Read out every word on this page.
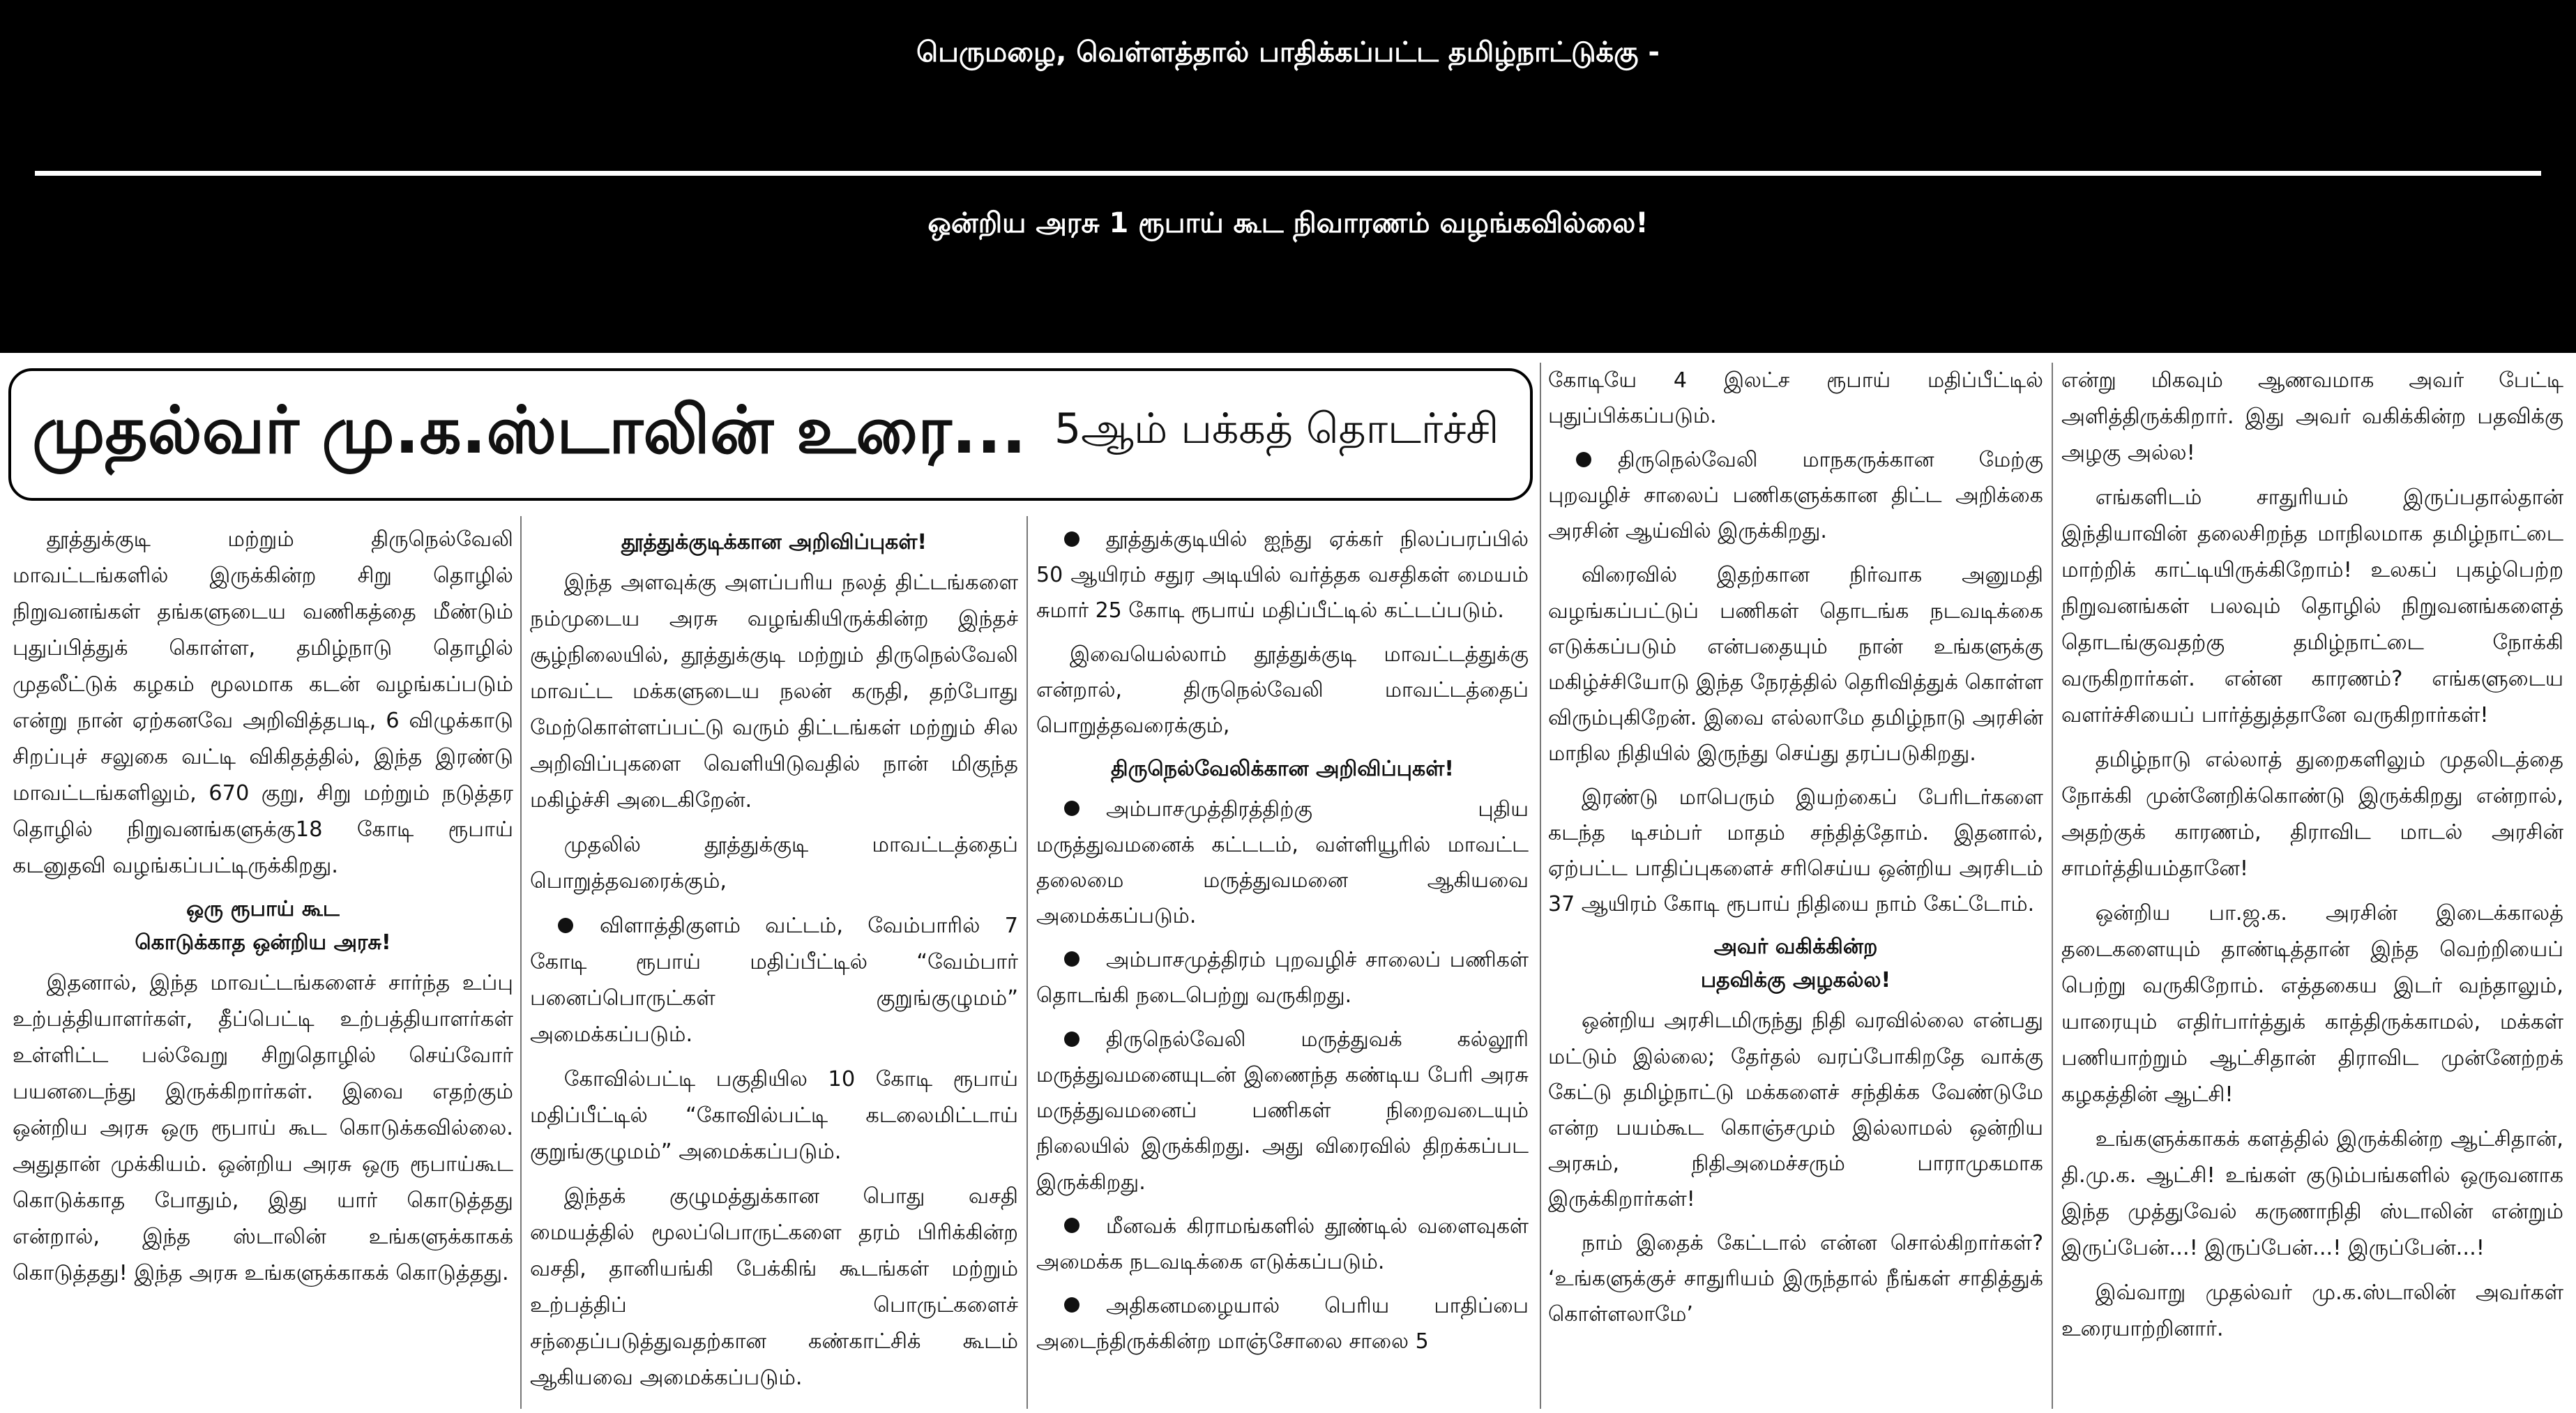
பெருமழை, வெள்ளத்தால் பாதிக்கப்பட்ட தமிழ்நாட்டுக்கு -
ஒன்றிய அரசு 1 ரூபாய் கூட நிவாரணம் வழங்கவில்லை!
முதல்வர் மு.க.ஸ்டாலின் உரை... 5ஆம் பக்கத் தொடர்ச்சி

தூத்துக்குடி மற்றும் திருநெல்வேலி மாவட்டங்களில் இருக்கின்ற சிறு தொழில் நிறுவனங்கள் தங்களுடைய வணிகத்தை மீண்டும் புதுப்பித்துக் கொள்ள, தமிழ்நாடு தொழில் முதலீட்டுக் கழகம் மூலமாக கடன் வழங்கப்படும் என்று நான் ஏற்கனவே அறிவித்தபடி, 6 விழுக்காடு சிறப்புச் சலுகை வட்டி விகிதத்தில், இந்த இரண்டு மாவட்டங்களிலும், 670 குறு, சிறு மற்றும் நடுத்தர தொழில் நிறுவனங்களுக்கு18 கோடி ரூபாய் கடனுதவி வழங்கப்பட்டிருக்கிறது.

ஒரு ரூபாய் கூட
கொடுக்காத ஒன்றிய அரசு!

இதனால், இந்த மாவட்டங்களைச் சார்ந்த உப்பு உற்பத்தியாளர்கள், தீப்பெட்டி உற்பத்தியாளர்கள் உள்ளிட்ட பல்வேறு சிறுதொழில் செய்வோர் பயனடைந்து இருக்கிறார்கள். இவை எதற்கும் ஒன்றிய அரசு ஒரு ரூபாய் கூட கொடுக்கவில்லை. அதுதான் முக்கியம். ஒன்றிய அரசு ஒரு ரூபாய்கூட கொடுக்காத போதும், இது யார் கொடுத்தது என்றால், இந்த ஸ்டாலின் உங்களுக்காகக் கொடுத்தது! இந்த அரசு உங்களுக்காகக் கொடுத்தது.

தூத்துக்குடிக்கான அறிவிப்புகள்!

இந்த அளவுக்கு அளப்பரிய நலத் திட்டங்களை நம்முடைய அரசு வழங்கியிருக்கின்ற இந்தச் சூழ்நிலையில், தூத்துக்குடி மற்றும் திருநெல்வேலி மாவட்ட மக்களுடைய நலன் கருதி, தற்போது மேற்கொள்ளப்பட்டு வரும் திட்டங்கள் மற்றும் சில அறிவிப்புகளை வெளியிடுவதில் நான் மிகுந்த மகிழ்ச்சி அடைகிறேன்.

முதலில் தூத்துக்குடி மாவட்டத்தைப் பொறுத்தவரைக்கும்,

விளாத்திகுளம் வட்டம், வேம்பாரில் 7 கோடி ரூபாய் மதிப்பீட்டில் “வேம்பார் பனைப்பொருட்கள் குறுங்குழுமம்” அமைக்கப்படும்.

கோவில்பட்டி பகுதியில 10 கோடி ரூபாய் மதிப்பீட்டில் “கோவில்பட்டி கடலைமிட்டாய் குறுங்குழுமம்” அமைக்கப்படும்.

இந்தக் குழுமத்துக்கான பொது வசதி மையத்தில் மூலப்பொருட்களை தரம் பிரிக்கின்ற வசதி, தானியங்கி பேக்கிங் கூடங்கள் மற்றும் உற்பத்திப் பொருட்களைச் சந்தைப்படுத்துவதற்கான கண்காட்சிக் கூடம் ஆகியவை அமைக்கப்படும்.

தூத்துக்குடியில் ஐந்து ஏக்கர் நிலப்பரப்பில் 50 ஆயிரம் சதுர அடியில் வர்த்தக வசதிகள் மையம் சுமார் 25 கோடி ரூபாய் மதிப்பீட்டில் கட்டப்படும்.

இவையெல்லாம் தூத்துக்குடி மாவட்டத்துக்கு என்றால், திருநெல்வேலி மாவட்டத்தைப் பொறுத்தவரைக்கும்,

திருநெல்வேலிக்கான அறிவிப்புகள்!

அம்பாசமுத்திரத்திற்கு புதிய மருத்துவமனைக் கட்டடம், வள்ளியூரில் மாவட்ட தலைமை மருத்துவமனை ஆகியவை அமைக்கப்படும்.

அம்பாசமுத்திரம் புறவழிச் சாலைப் பணிகள் தொடங்கி நடைபெற்று வருகிறது.

திருநெல்வேலி மருத்துவக் கல்லூரி மருத்துவமனையுடன் இணைந்த கண்டிய பேரி அரசு மருத்துவமனைப் பணிகள் நிறைவடையும் நிலையில் இருக்கிறது. அது விரைவில் திறக்கப்பட இருக்கிறது.

மீனவக் கிராமங்களில் தூண்டில் வளைவுகள் அமைக்க நடவடிக்கை எடுக்கப்படும்.

அதிகனமழையால் பெரிய பாதிப்பை அடைந்திருக்கின்ற மாஞ்சோலை சாலை 5

கோடியே 4 இலட்ச ரூபாய் மதிப்பீட்டில் புதுப்பிக்கப்படும்.

திருநெல்வேலி மாநகருக்கான மேற்கு புறவழிச் சாலைப் பணிகளுக்கான திட்ட அறிக்கை அரசின் ஆய்வில் இருக்கிறது.

விரைவில் இதற்கான நிர்வாக அனுமதி வழங்கப்பட்டுப் பணிகள் தொடங்க நடவடிக்கை எடுக்கப்படும் என்பதையும் நான் உங்களுக்கு மகிழ்ச்சியோடு இந்த நேரத்தில் தெரிவித்துக் கொள்ள விரும்புகிறேன். இவை எல்லாமே தமிழ்நாடு அரசின் மாநில நிதியில் இருந்து செய்து தரப்படுகிறது.

இரண்டு மாபெரும் இயற்கைப் பேரிடர்களை கடந்த டிசம்பர் மாதம் சந்தித்தோம். இதனால், ஏற்பட்ட பாதிப்புகளைச் சரிசெய்ய ஒன்றிய அரசிடம் 37 ஆயிரம் கோடி ரூபாய் நிதியை நாம் கேட்டோம்.

அவர் வகிக்கின்ற
பதவிக்கு அழகல்ல!

ஒன்றிய அரசிடமிருந்து நிதி வரவில்லை என்பது மட்டும் இல்லை; தேர்தல் வரப்போகிறதே வாக்கு கேட்டு தமிழ்நாட்டு மக்களைச் சந்திக்க வேண்டுமே என்ற பயம்கூட கொஞ்சமும் இல்லாமல் ஒன்றிய அரசும், நிதிஅமைச்சரும் பாராமுகமாக இருக்கிறார்கள்!

நாம் இதைக் கேட்டால் என்ன சொல்கிறார்கள்? ‘உங்களுக்குச் சாதுரியம் இருந்தால் நீங்கள் சாதித்துக் கொள்ளலாமே’

என்று மிகவும் ஆணவமாக அவர் பேட்டி அளித்திருக்கிறார். இது அவர் வகிக்கின்ற பதவிக்கு அழகு அல்ல!

எங்களிடம் சாதுரியம் இருப்பதால்தான் இந்தியாவின் தலைசிறந்த மாநிலமாக தமிழ்நாட்டை மாற்றிக் காட்டியிருக்கிறோம்! உலகப் புகழ்பெற்ற நிறுவனங்கள் பலவும் தொழில் நிறுவனங்களைத் தொடங்குவதற்கு தமிழ்நாட்டை நோக்கி வருகிறார்கள். என்ன காரணம்? எங்களுடைய வளர்ச்சியைப் பார்த்துத்தானே வருகிறார்கள்!

தமிழ்நாடு எல்லாத் துறைகளிலும் முதலிடத்தை நோக்கி முன்னேறிக்கொண்டு இருக்கிறது என்றால், அதற்குக் காரணம், திராவிட மாடல் அரசின் சாமர்த்தியம்தானே!

ஒன்றிய பா.ஜ.க. அரசின் இடைக்காலத் தடைகளையும் தாண்டித்தான் இந்த வெற்றியைப் பெற்று வருகிறோம். எத்தகைய இடர் வந்தாலும், யாரையும் எதிர்பார்த்துக் காத்திருக்காமல், மக்கள் பணியாற்றும் ஆட்சிதான் திராவிட முன்னேற்றக் கழகத்தின் ஆட்சி!

உங்களுக்காகக் களத்தில் இருக்கின்ற ஆட்சிதான், தி.மு.க. ஆட்சி! உங்கள் குடும்பங்களில் ஒருவனாக இந்த முத்துவேல் கருணாநிதி ஸ்டாலின் என்றும் இருப்பேன்...! இருப்பேன்...! இருப்பேன்...!

இவ்வாறு முதல்வர் மு.க.ஸ்டாலின் அவர்கள் உரையாற்றினார்.
